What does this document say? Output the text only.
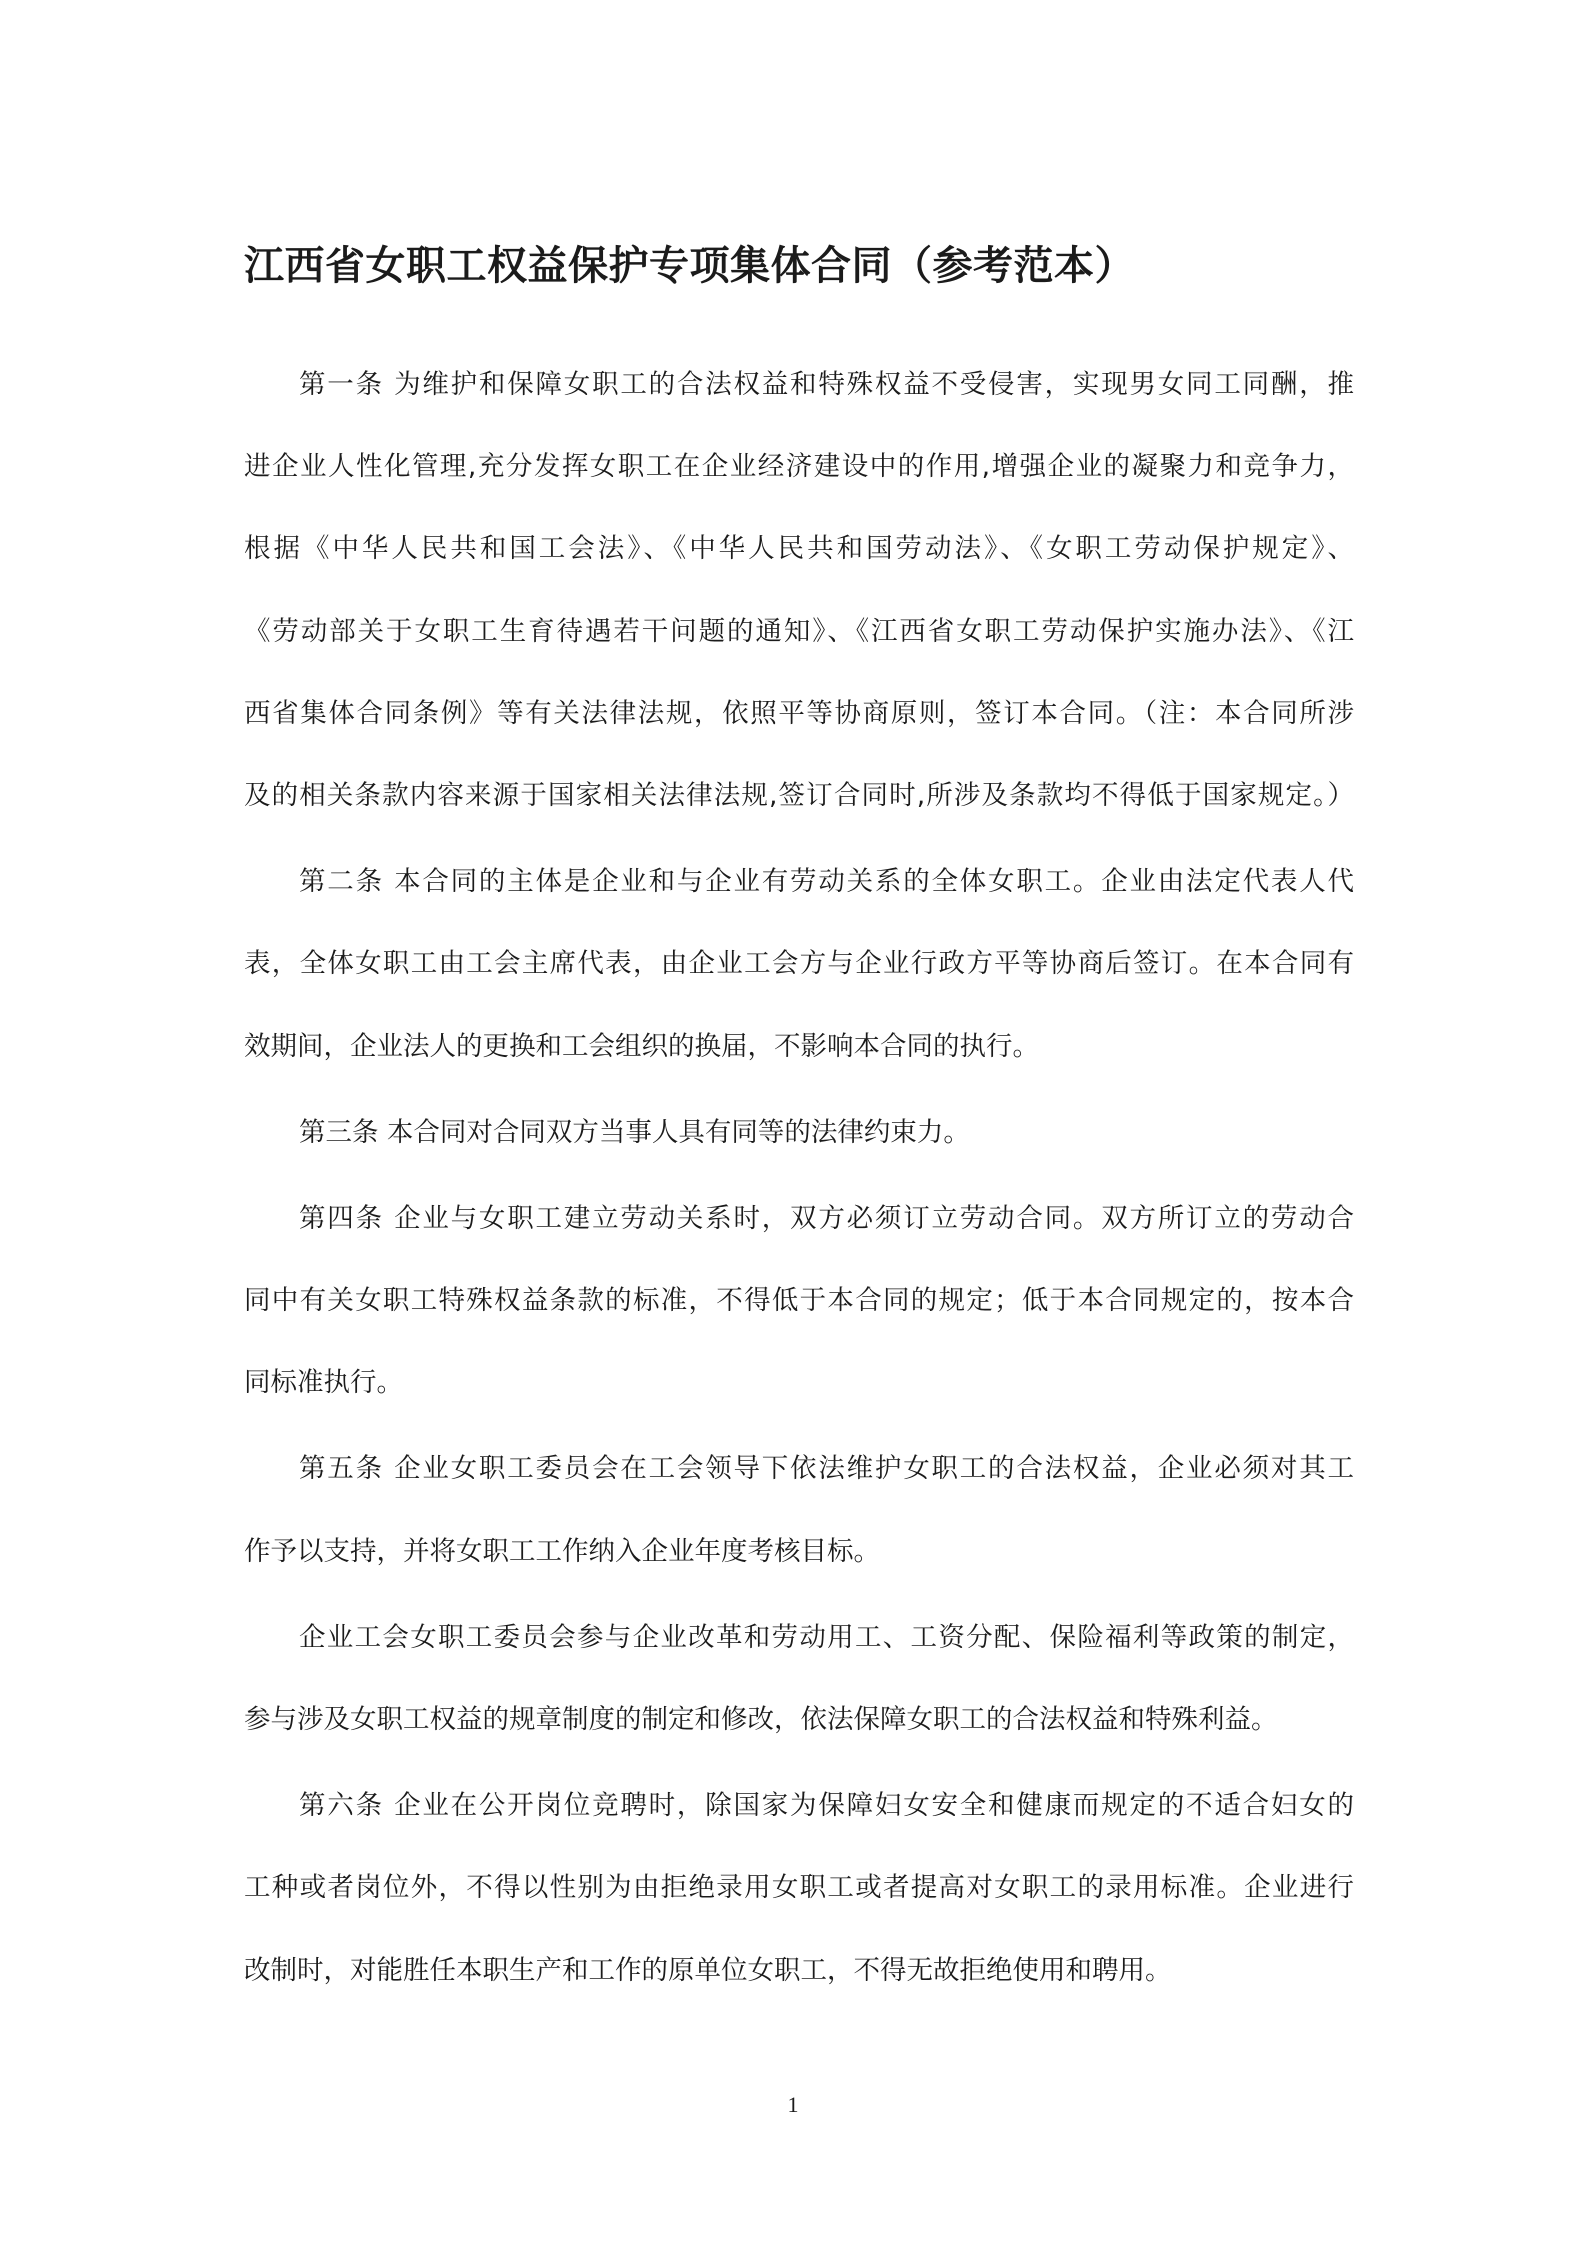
江西省女职工权益保护专项集体合同（参考范本）
第一条 为维护和保障女职工的合法权益和特殊权益不受侵害，实现男女同工同酬，推
进企业人性化管理,充分发挥女职工在企业经济建设中的作用,增强企业的凝聚力和竞争力，
根据《中华人民共和国工会法》、《中华人民共和国劳动法》、《女职工劳动保护规定》、
《劳动部关于女职工生育待遇若干问题的通知》、《江西省女职工劳动保护实施办法》、《江
西省集体合同条例》等有关法律法规，依照平等协商原则，签订本合同。（注：本合同所涉
及的相关条款内容来源于国家相关法律法规,签订合同时,所涉及条款均不得低于国家规定。）
第二条 本合同的主体是企业和与企业有劳动关系的全体女职工。企业由法定代表人代
表，全体女职工由工会主席代表，由企业工会方与企业行政方平等协商后签订。在本合同有
效期间，企业法人的更换和工会组织的换届，不影响本合同的执行。
第三条 本合同对合同双方当事人具有同等的法律约束力。
第四条 企业与女职工建立劳动关系时，双方必须订立劳动合同。双方所订立的劳动合
同中有关女职工特殊权益条款的标准，不得低于本合同的规定；低于本合同规定的，按本合
同标准执行。
第五条 企业女职工委员会在工会领导下依法维护女职工的合法权益，企业必须对其工
作予以支持，并将女职工工作纳入企业年度考核目标。
企业工会女职工委员会参与企业改革和劳动用工、工资分配、保险福利等政策的制定，
参与涉及女职工权益的规章制度的制定和修改，依法保障女职工的合法权益和特殊利益。
第六条 企业在公开岗位竞聘时，除国家为保障妇女安全和健康而规定的不适合妇女的
工种或者岗位外，不得以性别为由拒绝录用女职工或者提高对女职工的录用标准。企业进行
改制时，对能胜任本职生产和工作的原单位女职工，不得无故拒绝使用和聘用。
1
